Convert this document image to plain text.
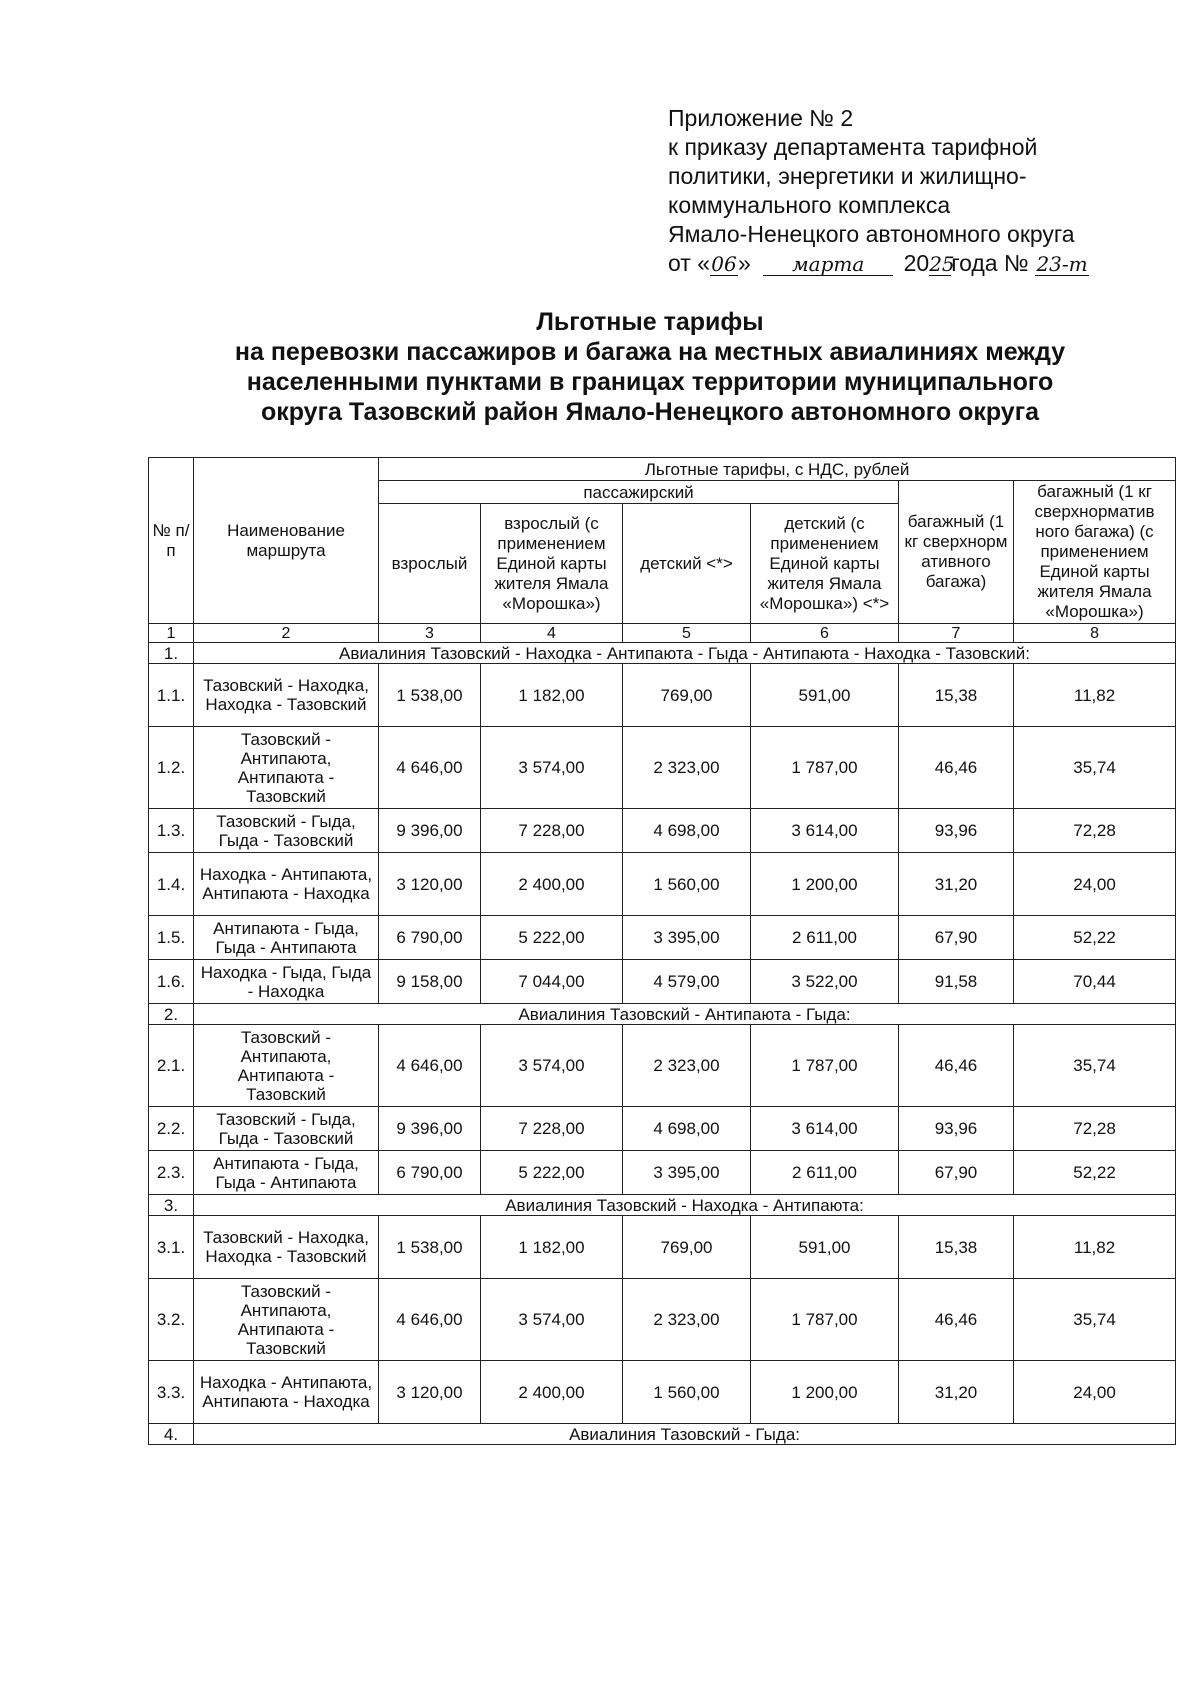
Приложение № 2
к приказу департамента тарифной
политики, энергетики и жилищно-
коммунального комплекса
Ямало-Ненецкого автономного округа
от «06» марта 2025года № 23-т
Льготные тарифы
на перевозки пассажиров и багажа на местных авиалиниях между
населенными пунктами в границах территории муниципального
округа Тазовский район Ямало-Ненецкого автономного округа
№ п/п	Наименование маршрута	Льготные тарифы, с НДС, рублей					
		пассажирский				багажный (1 кг сверхнорм ативного багажа)	багажный (1 кг сверхнорматив ного багажа) (с применением Единой карты жителя Ямала «Морошка»)
		взрослый	взрослый (с применением Единой карты жителя Ямала «Морошка»)	детский <*>	детский (с применением Единой карты жителя Ямала «Морошка») <*>		
1	2	3	4	5	6	7	8
1.	Авиалиния Тазовский - Находка - Антипаюта - Гыда - Антипаюта - Находка - Тазовский:						
1.1.	Тазовский - Находка, Находка - Тазовский	1 538,00	1 182,00	769,00	591,00	15,38	11,82
1.2.	Тазовский - Антипаюта, Антипаюта - Тазовский	4 646,00	3 574,00	2 323,00	1 787,00	46,46	35,74
1.3.	Тазовский - Гыда, Гыда - Тазовский	9 396,00	7 228,00	4 698,00	3 614,00	93,96	72,28
1.4.	Находка - Антипаюта, Антипаюта - Находка	3 120,00	2 400,00	1 560,00	1 200,00	31,20	24,00
1.5.	Антипаюта - Гыда, Гыда - Антипаюта	6 790,00	5 222,00	3 395,00	2 611,00	67,90	52,22
1.6.	Находка - Гыда, Гыда - Находка	9 158,00	7 044,00	4 579,00	3 522,00	91,58	70,44
2.	Авиалиния Тазовский - Антипаюта - Гыда:						
2.1.	Тазовский - Антипаюта, Антипаюта - Тазовский	4 646,00	3 574,00	2 323,00	1 787,00	46,46	35,74
2.2.	Тазовский - Гыда, Гыда - Тазовский	9 396,00	7 228,00	4 698,00	3 614,00	93,96	72,28
2.3.	Антипаюта - Гыда, Гыда - Антипаюта	6 790,00	5 222,00	3 395,00	2 611,00	67,90	52,22
3.	Авиалиния Тазовский - Находка - Антипаюта:						
3.1.	Тазовский - Находка, Находка - Тазовский	1 538,00	1 182,00	769,00	591,00	15,38	11,82
3.2.	Тазовский - Антипаюта, Антипаюта - Тазовский	4 646,00	3 574,00	2 323,00	1 787,00	46,46	35,74
3.3.	Находка - Антипаюта, Антипаюта - Находка	3 120,00	2 400,00	1 560,00	1 200,00	31,20	24,00
4.	Авиалиния Тазовский - Гыда:						
